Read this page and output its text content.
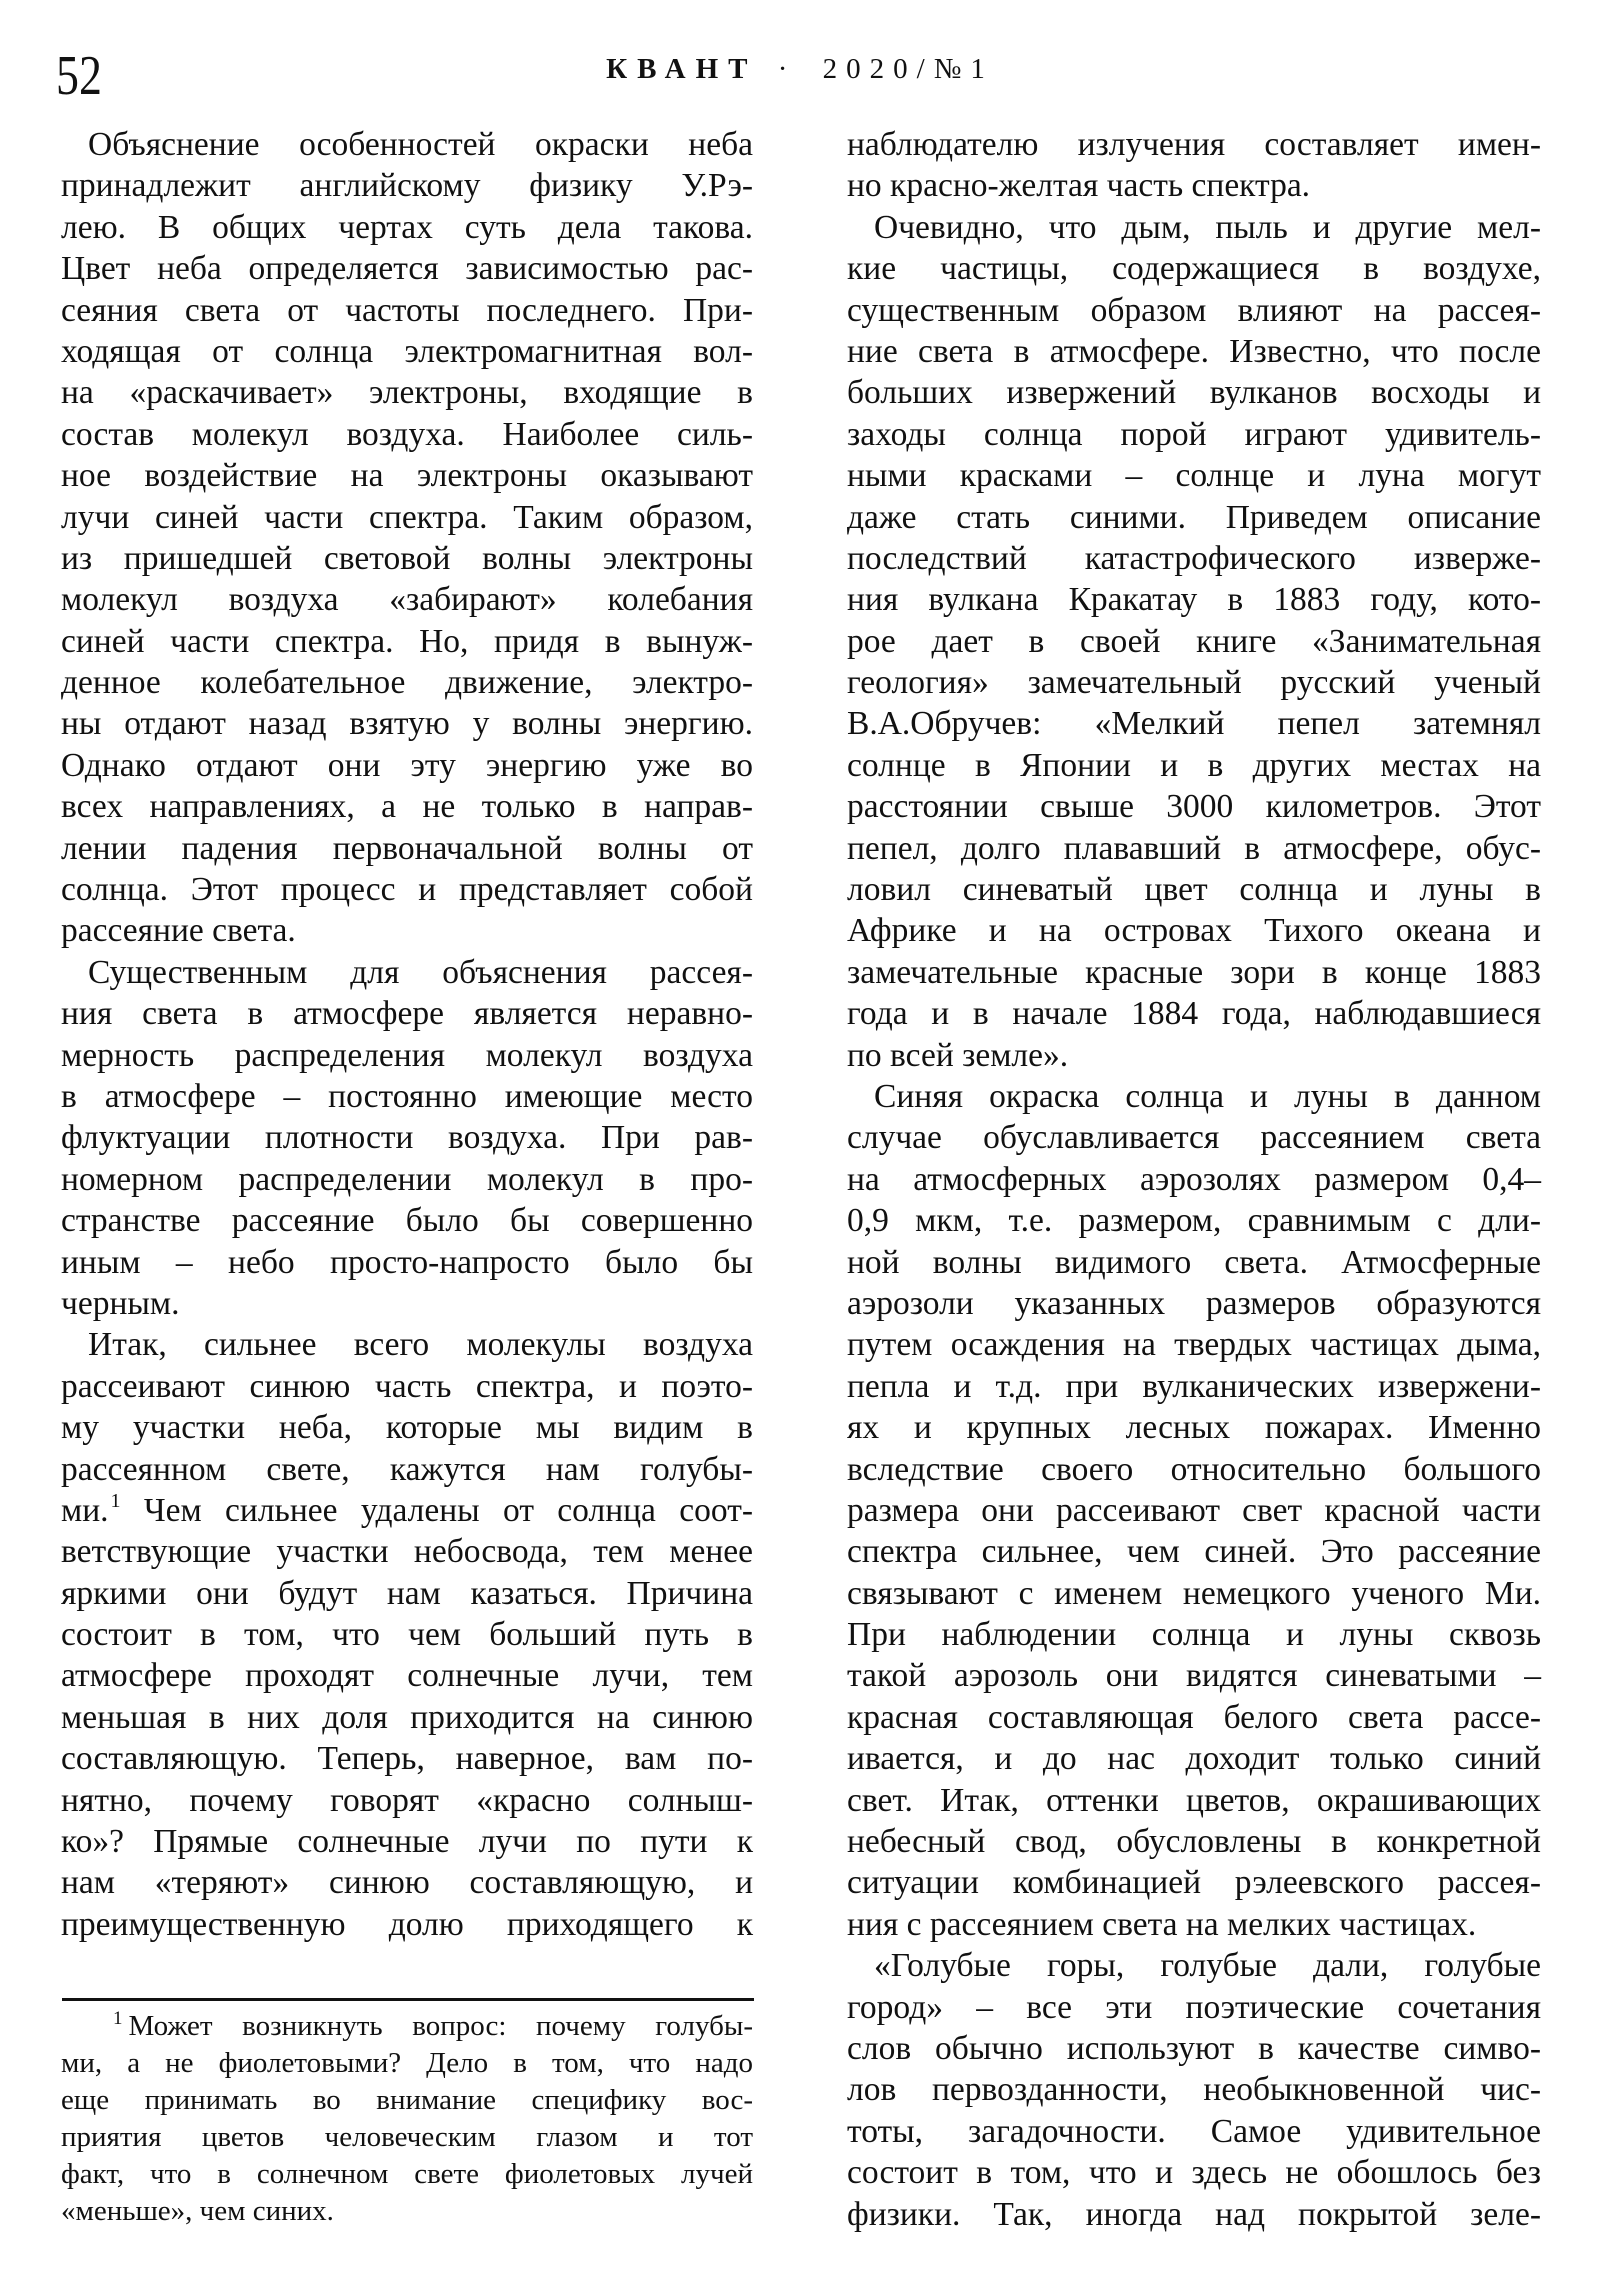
52	КВАНТ · 2020/№1
Объяснение особенностей окраски неба
принадлежит английскому физику У.Рэ-
лею. В общих чертах суть дела такова.
Цвет неба определяется зависимостью рас-
сеяния света от частоты последнего. При-
ходящая от солнца электромагнитная вол-
на «раскачивает» электроны, входящие в
состав молекул воздуха. Наиболее силь-
ное воздействие на электроны оказывают
лучи синей части спектра. Таким образом,
из пришедшей световой волны электроны
молекул воздуха «забирают» колебания
синей части спектра. Но, придя в вынуж-
денное колебательное движение, электро-
ны отдают назад взятую у волны энергию.
Однако отдают они эту энергию уже во
всех направлениях, а не только в направ-
лении падения первоначальной волны от
солнца. Этот процесс и представляет собой
рассеяние света.
Существенным для объяснения рассея-
ния света в атмосфере является неравно-
мерность распределения молекул воздуха
в атмосфере – постоянно имеющие место
флуктуации плотности воздуха. При рав-
номерном распределении молекул в про-
странстве рассеяние было бы совершенно
иным – небо просто-напросто было бы
черным.
Итак, сильнее всего молекулы воздуха
рассеивают синюю часть спектра, и поэто-
му участки неба, которые мы видим в
рассеянном свете, кажутся нам голубы-
ми. $^1$ Чем сильнее удалены от солнца соот-
ветствующие участки небосвода, тем менее
яркими они будут нам казаться. Причина
состоит в том, что чем больший путь в
атмосфере проходят солнечные лучи, тем
меньшая в них доля приходится на синюю
составляющую. Теперь, наверное, вам по-
нятно, почему говорят «красно солныш-
ко»? Прямые солнечные лучи по пути к
нам «теряют» синюю составляющую, и
преимущественную долю приходящего к
наблюдателю излучения составляет имен-
но красно-желтая часть спектра.
Очевидно, что дым, пыль и другие мел-
кие частицы, содержащиеся в воздухе,
существенным образом влияют на рассея-
ние света в атмосфере. Известно, что после
больших извержений вулканов восходы и
заходы солнца порой играют удивитель-
ными красками – солнце и луна могут
даже стать синими. Приведем описание
последствий катастрофического изверже-
ния вулкана Кракатау в 1883 году, кото-
рое дает в своей книге «Занимательная
геология» замечательный русский ученый
В.А.Обручев: «Мелкий пепел затемнял
солнце в Японии и в других местах на
расстоянии свыше 3000 километров. Этот
пепел, долго плававший в атмосфере, обус-
ловил синеватый цвет солнца и луны в
Африке и на островах Тихого океана и
замечательные красные зори в конце 1883
года и в начале 1884 года, наблюдавшиеся
по всей земле».
Синяя окраска солнца и луны в данном
случае обуславливается рассеянием света
на атмосферных аэрозолях размером 0,4–
0,9 мкм, т.е. размером, сравнимым с дли-
ной волны видимого света. Атмосферные
аэрозоли указанных размеров образуются
путем осаждения на твердых частицах дыма,
пепла и т.д. при вулканических извержени-
ях и крупных лесных пожарах. Именно
вследствие своего относительно большого
размера они рассеивают свет красной части
спектра сильнее, чем синей. Это рассеяние
связывают с именем немецкого ученого Ми.
При наблюдении солнца и луны сквозь
такой аэрозоль они видятся синеватыми –
красная составляющая белого света рассе-
ивается, и до нас доходит только синий
свет. Итак, оттенки цветов, окрашивающих
небесный свод, обусловлены в конкретной
ситуации комбинацией рэлеевского рассея-
ния с рассеянием света на мелких частицах.
«Голубые горы, голубые дали, голубые
город» – все эти поэтические сочетания
слов обычно используют в качестве симво-
лов первозданности, необыкновенной чис-
тоты, загадочности. Самое удивительное
состоит в том, что и здесь не обошлось без
физики. Так, иногда над покрытой зеле-
$^1$ Может возникнуть вопрос: почему голубы-
ми, а не фиолетовыми? Дело в том, что надо
еще принимать во внимание специфику вос-
приятия цветов человеческим глазом и тот
факт, что в солнечном свете фиолетовых лучей
«меньше», чем синих.
